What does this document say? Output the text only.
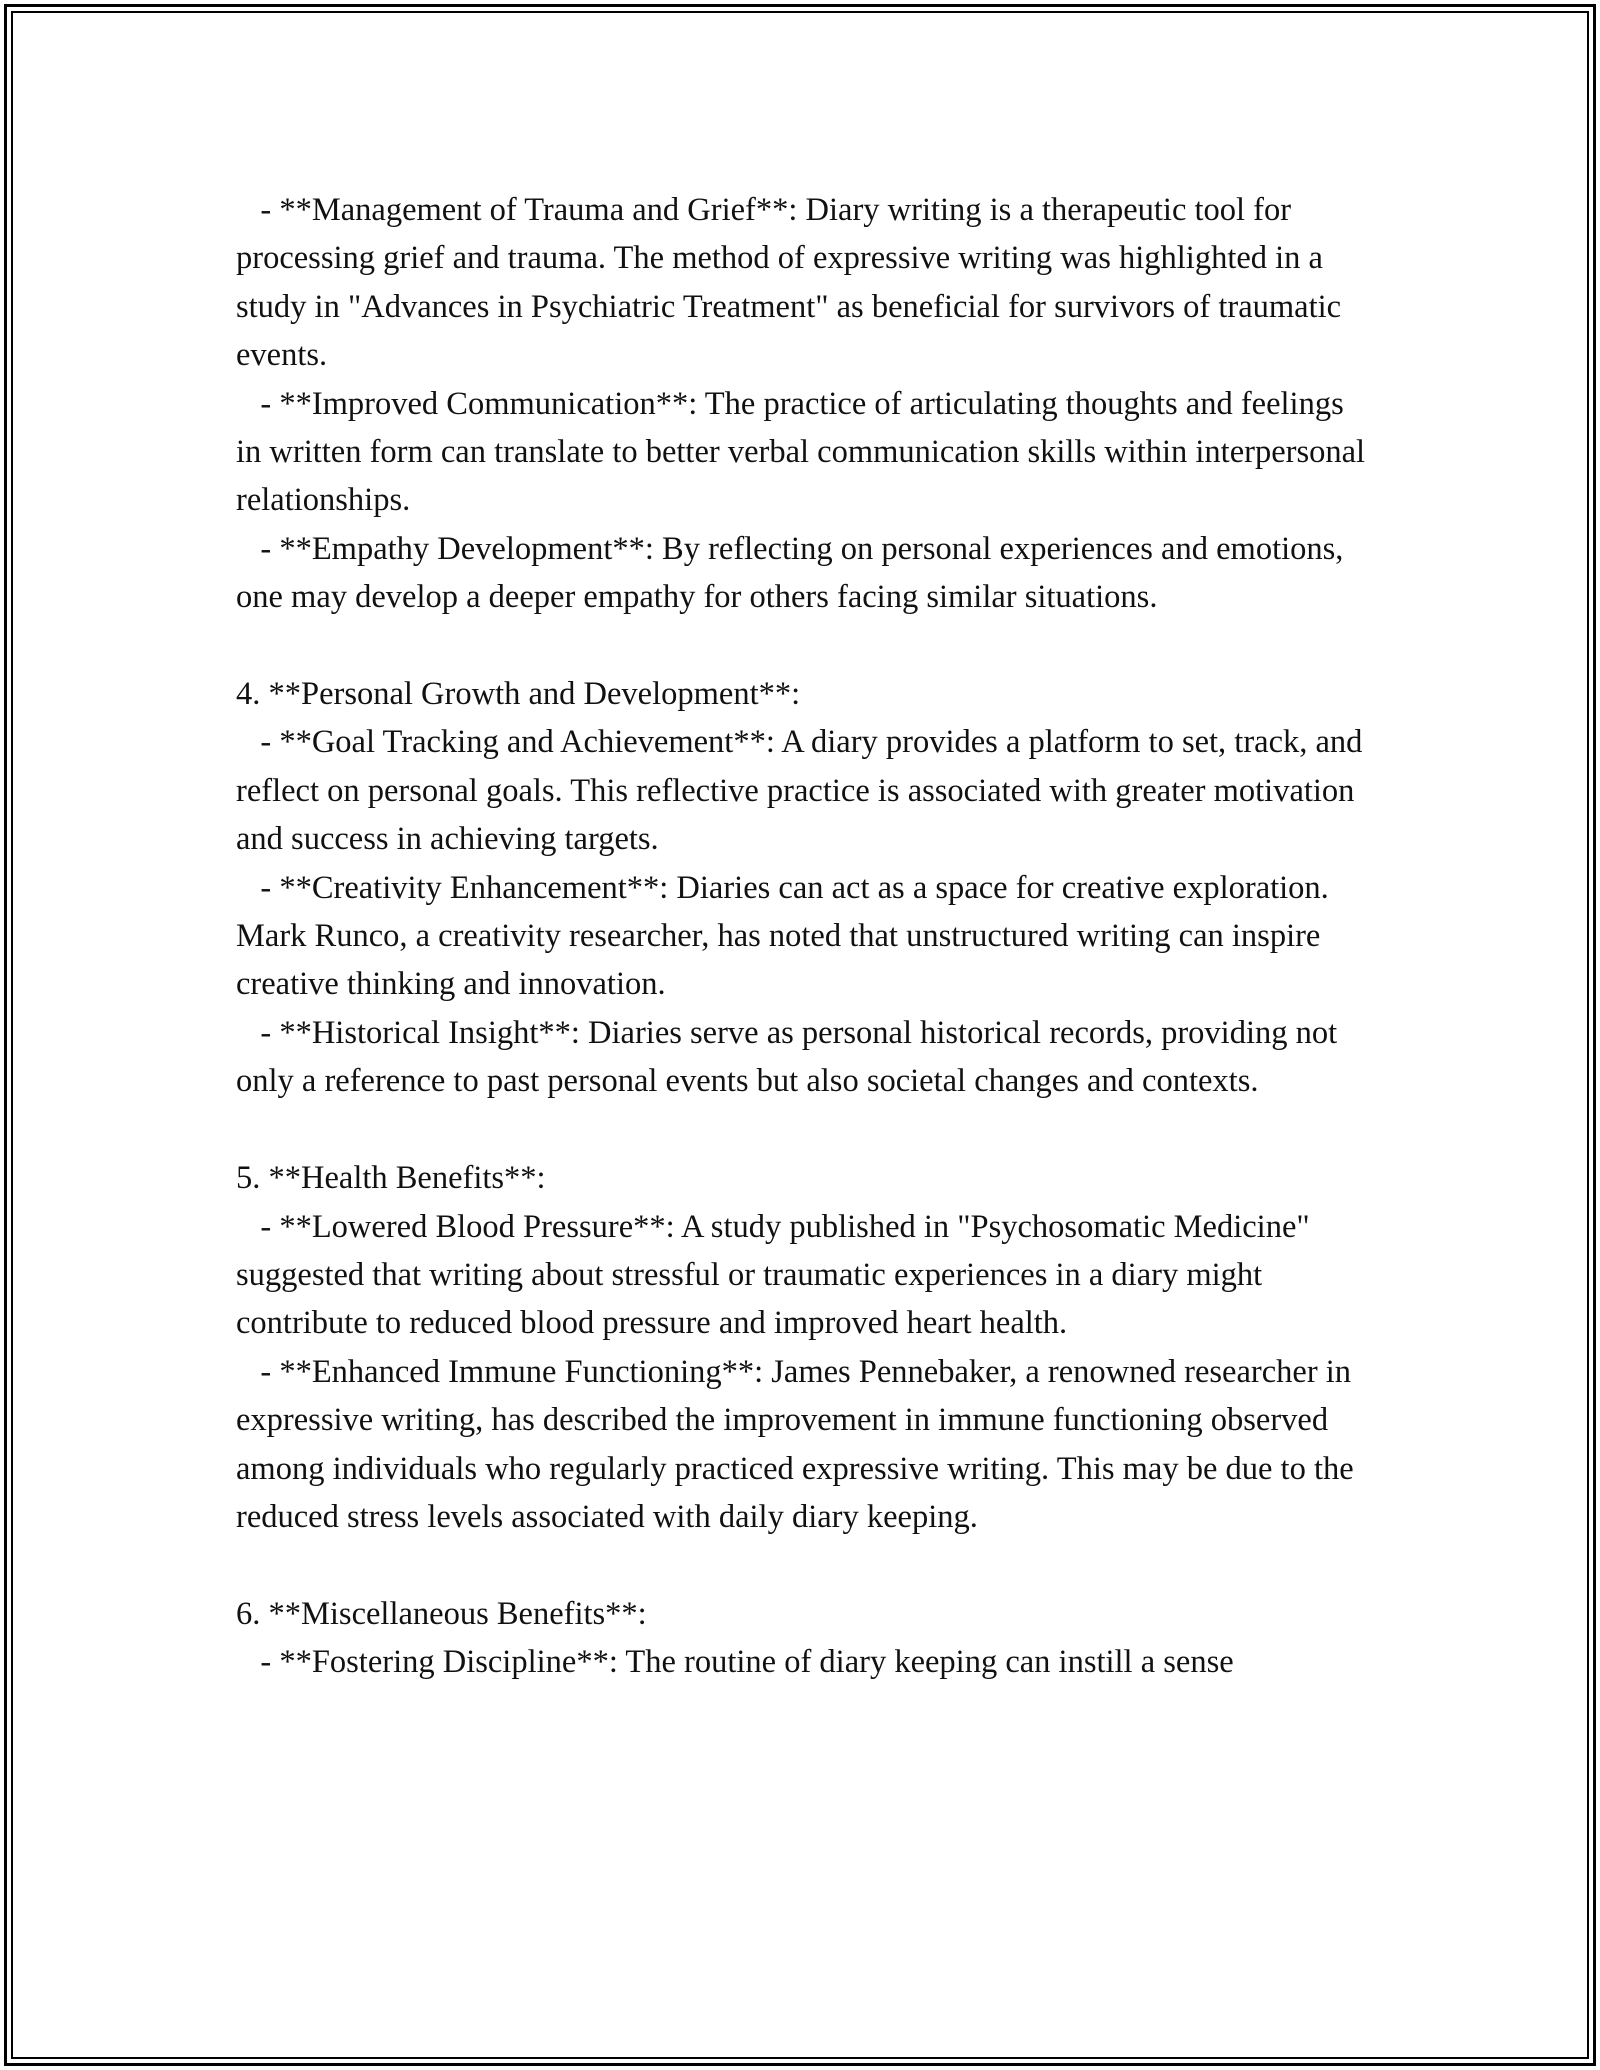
- **Management of Trauma and Grief**: Diary writing is a therapeutic tool for processing grief and trauma. The method of expressive writing was highlighted in a study in "Advances in Psychiatric Treatment" as beneficial for survivors of traumatic events.

- **Improved Communication**: The practice of articulating thoughts and feelings in written form can translate to better verbal communication skills within interpersonal relationships.

- **Empathy Development**: By reflecting on personal experiences and emotions, one may develop a deeper empathy for others facing similar situations.

4. **Personal Growth and Development**:

- **Goal Tracking and Achievement**: A diary provides a platform to set, track, and reflect on personal goals. This reflective practice is associated with greater motivation and success in achieving targets.

- **Creativity Enhancement**: Diaries can act as a space for creative exploration. Mark Runco, a creativity researcher, has noted that unstructured writing can inspire creative thinking and innovation.

- **Historical Insight**: Diaries serve as personal historical records, providing not only a reference to past personal events but also societal changes and contexts.

5. **Health Benefits**:

- **Lowered Blood Pressure**: A study published in "Psychosomatic Medicine" suggested that writing about stressful or traumatic experiences in a diary might contribute to reduced blood pressure and improved heart health.

- **Enhanced Immune Functioning**: James Pennebaker, a renowned researcher in expressive writing, has described the improvement in immune functioning observed among individuals who regularly practiced expressive writing. This may be due to the reduced stress levels associated with daily diary keeping.

6. **Miscellaneous Benefits**:

- **Fostering Discipline**: The routine of diary keeping can instill a sense
